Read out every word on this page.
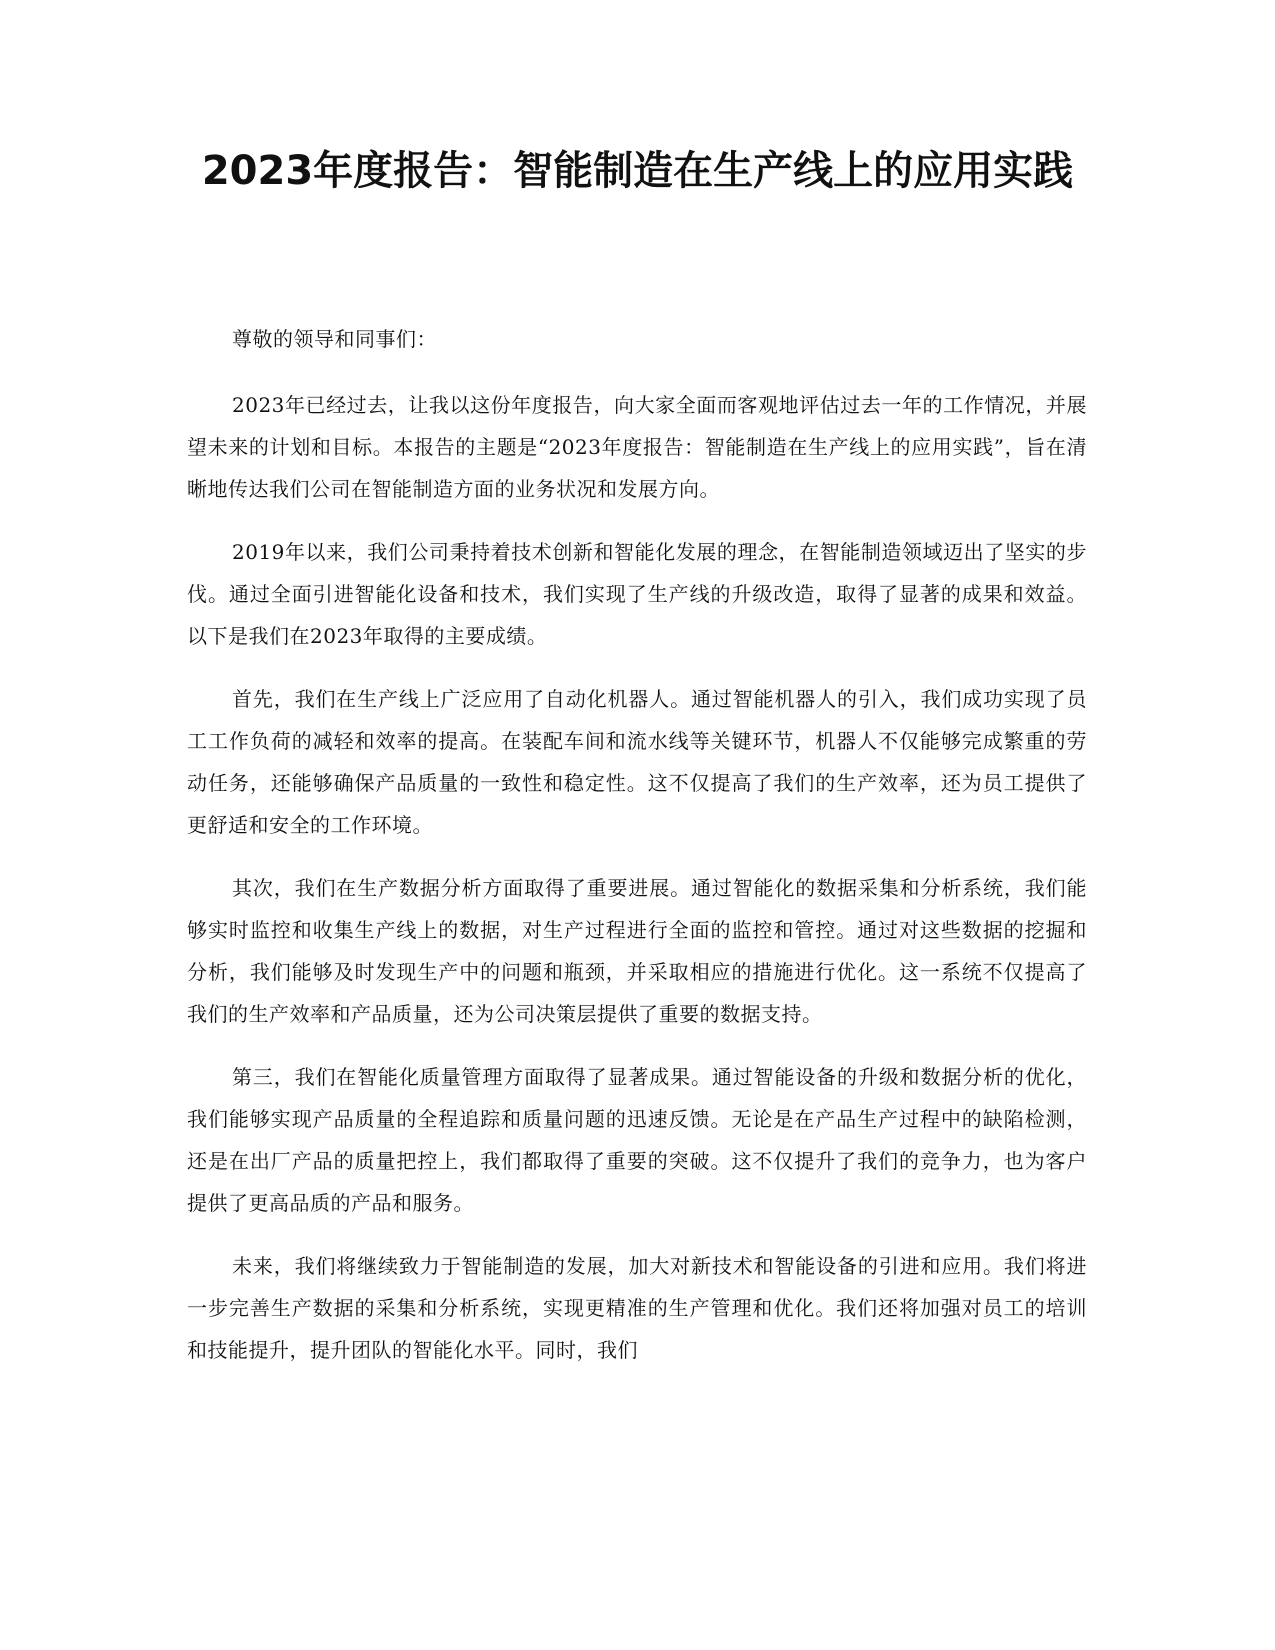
2023年度报告：智能制造在生产线上的应用实践

尊敬的领导和同事们：

2023年已经过去，让我以这份年度报告，向大家全面而客观地评估过去一年的工作情况，并展望未来的计划和目标。本报告的主题是“2023年度报告：智能制造在生产线上的应用实践”，旨在清晰地传达我们公司在智能制造方面的业务状况和发展方向。

2019年以来，我们公司秉持着技术创新和智能化发展的理念，在智能制造领域迈出了坚实的步伐。通过全面引进智能化设备和技术，我们实现了生产线的升级改造，取得了显著的成果和效益。以下是我们在2023年取得的主要成绩。

首先，我们在生产线上广泛应用了自动化机器人。通过智能机器人的引入，我们成功实现了员工工作负荷的减轻和效率的提高。在装配车间和流水线等关键环节，机器人不仅能够完成繁重的劳动任务，还能够确保产品质量的一致性和稳定性。这不仅提高了我们的生产效率，还为员工提供了更舒适和安全的工作环境。

其次，我们在生产数据分析方面取得了重要进展。通过智能化的数据采集和分析系统，我们能够实时监控和收集生产线上的数据，对生产过程进行全面的监控和管控。通过对这些数据的挖掘和分析，我们能够及时发现生产中的问题和瓶颈，并采取相应的措施进行优化。这一系统不仅提高了我们的生产效率和产品质量，还为公司决策层提供了重要的数据支持。

第三，我们在智能化质量管理方面取得了显著成果。通过智能设备的升级和数据分析的优化，我们能够实现产品质量的全程追踪和质量问题的迅速反馈。无论是在产品生产过程中的缺陷检测，还是在出厂产品的质量把控上，我们都取得了重要的突破。这不仅提升了我们的竞争力，也为客户提供了更高品质的产品和服务。

未来，我们将继续致力于智能制造的发展，加大对新技术和智能设备的引进和应用。我们将进一步完善生产数据的采集和分析系统，实现更精准的生产管理和优化。我们还将加强对员工的培训和技能提升，提升团队的智能化水平。同时，我们
